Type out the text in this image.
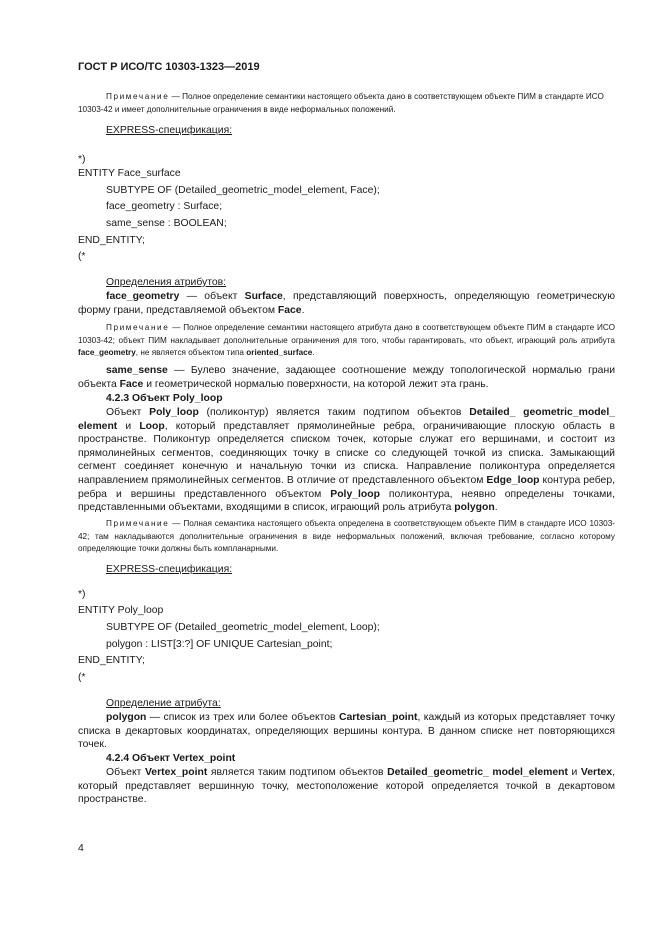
ГОСТ Р ИСО/ТС 10303-1323—2019
Примечание — Полное определение семантики настоящего объекта дано в соответствующем объекте ПИМ в стандарте ИСО 10303-42 и имеет дополнительные ограничения в виде неформальных положений.
EXPRESS-спецификация:
*)
ENTITY Face_surface
SUBTYPE OF (Detailed_geometric_model_element, Face);
face_geometry : Surface;
same_sense : BOOLEAN;
END_ENTITY;
(*
Определения атрибутов:
face_geometry — объект Surface, представляющий поверхность, определяющую геометрическую форму грани, представляемой объектом Face.
Примечание — Полное определение семантики настоящего атрибута дано в соответствующем объекте ПИМ в стандарте ИСО 10303-42; объект ПИМ накладывает дополнительные ограничения для того, чтобы гарантировать, что объект, играющий роль атрибута face_geometry, не является объектом типа oriented_surface.
same_sense — Булево значение, задающее соотношение между топологической нормалью грани объекта Face и геометрической нормалью поверхности, на которой лежит эта грань.
4.2.3 Объект Poly_loop
Объект Poly_loop (поликонтур) является таким подтипом объектов Detailed_ geometric_model_ element и Loop, который представляет прямолинейные ребра, ограничивающие плоскую область в пространстве. Поликонтур определяется списком точек, которые служат его вершинами, и состоит из прямолинейных сегментов, соединяющих точку в списке со следующей точкой из списка. Замыкающий сегмент соединяет конечную и начальную точки из списка. Направление поликонтура определяется направлением прямолинейных сегментов. В отличие от представленного объектом Edge_loop контура ребер, ребра и вершины представленного объектом Poly_loop поликонтура, неявно определены точками, представленными объектами, входящими в список, играющий роль атрибута polygon.
Примечание — Полная семантика настоящего объекта определена в соответствующем объекте ПИМ в стандарте ИСО 10303-42; там накладываются дополнительные ограничения в виде неформальных положений, включая требование, согласно которому определяющие точки должны быть компланарными.
EXPRESS-спецификация:
*)
ENTITY Poly_loop
SUBTYPE OF (Detailed_geometric_model_element, Loop);
polygon : LIST[3:?] OF UNIQUE Cartesian_point;
END_ENTITY;
(*
Определение атрибута:
polygon — список из трех или более объектов Cartesian_point, каждый из которых представляет точку списка в декартовых координатах, определяющих вершины контура. В данном списке нет повторяющихся точек.
4.2.4 Объект Vertex_point
Объект Vertex_point является таким подтипом объектов Detailed_geometric_ model_element и Vertex, который представляет вершинную точку, местоположение которой определяется точкой в декартовом пространстве.
4
